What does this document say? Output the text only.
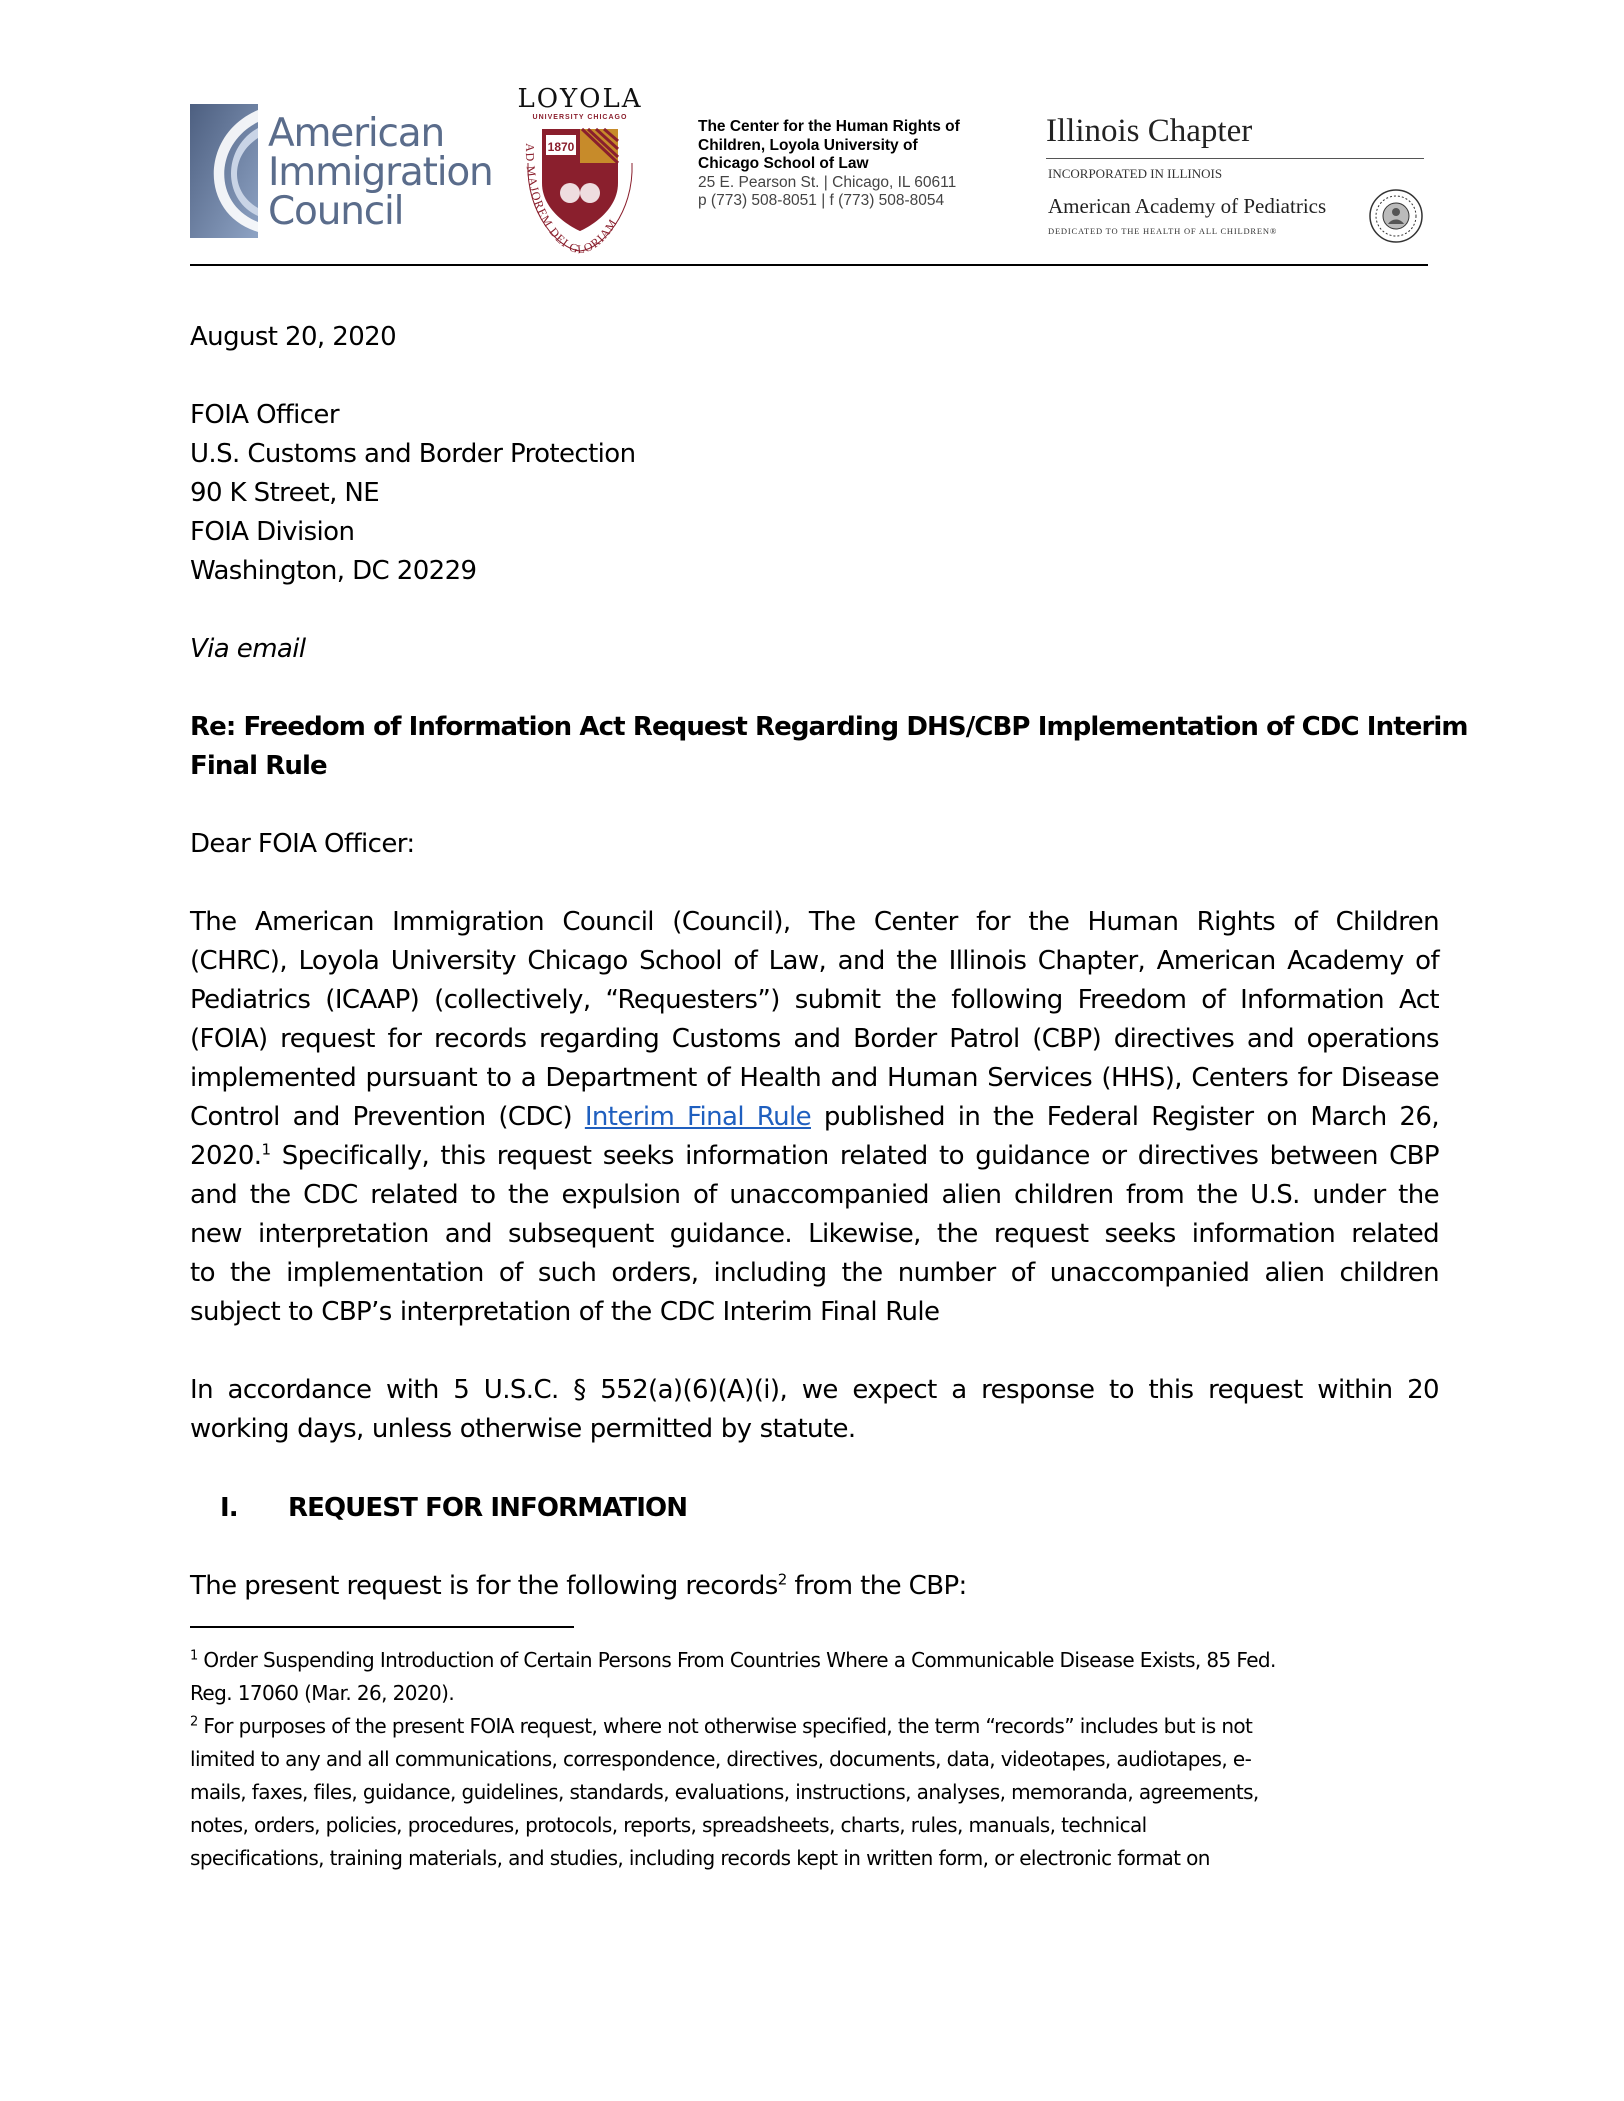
American
Immigration
Council
LOYOLA
UNIVERSITY CHICAGO
1870
AD MAJOREM DEI GLORIAM
The Center for the Human Rights of
Children, Loyola University of
Chicago School of Law
25 E. Pearson St. | Chicago, IL 60611
p (773) 508-8051 | f (773) 508-8054
Illinois Chapter
INCORPORATED IN ILLINOIS
American Academy of Pediatrics
DEDICATED TO THE HEALTH OF ALL CHILDREN®
August 20, 2020
FOIA Officer
U.S. Customs and Border Protection
90 K Street, NE
FOIA Division
Washington, DC 20229
Via email
Re: Freedom of Information Act Request Regarding DHS/CBP Implementation of CDC Interim
Final Rule
Dear FOIA Officer:
The American Immigration Council (Council), The Center for the Human Rights of Children
(CHRC), Loyola University Chicago School of Law, and the Illinois Chapter, American Academy of
Pediatrics (ICAAP) (collectively, “Requesters”) submit the following Freedom of Information Act
(FOIA) request for records regarding Customs and Border Patrol (CBP) directives and operations
implemented pursuant to a Department of Health and Human Services (HHS), Centers for Disease
Control and Prevention (CDC) Interim Final Rule published in the Federal Register on March 26,
2020.$^1$ Specifically, this request seeks information related to guidance or directives between CBP
and the CDC related to the expulsion of unaccompanied alien children from the U.S. under the
new interpretation and subsequent guidance. Likewise, the request seeks information related
to the implementation of such orders, including the number of unaccompanied alien children
subject to CBP’s interpretation of the CDC Interim Final Rule
In accordance with 5 U.S.C. § 552(a)(6)(A)(i), we expect a response to this request within 20
working days, unless otherwise permitted by statute.
I. REQUEST FOR INFORMATION
The present request is for the following records$^2$ from the CBP:
$^1$ Order Suspending Introduction of Certain Persons From Countries Where a Communicable Disease Exists, 85 Fed.
Reg. 17060 (Mar. 26, 2020).
$^2$ For purposes of the present FOIA request, where not otherwise specified, the term “records” includes but is not
limited to any and all communications, correspondence, directives, documents, data, videotapes, audiotapes, e-
mails, faxes, files, guidance, guidelines, standards, evaluations, instructions, analyses, memoranda, agreements,
notes, orders, policies, procedures, protocols, reports, spreadsheets, charts, rules, manuals, technical
specifications, training materials, and studies, including records kept in written form, or electronic format on
